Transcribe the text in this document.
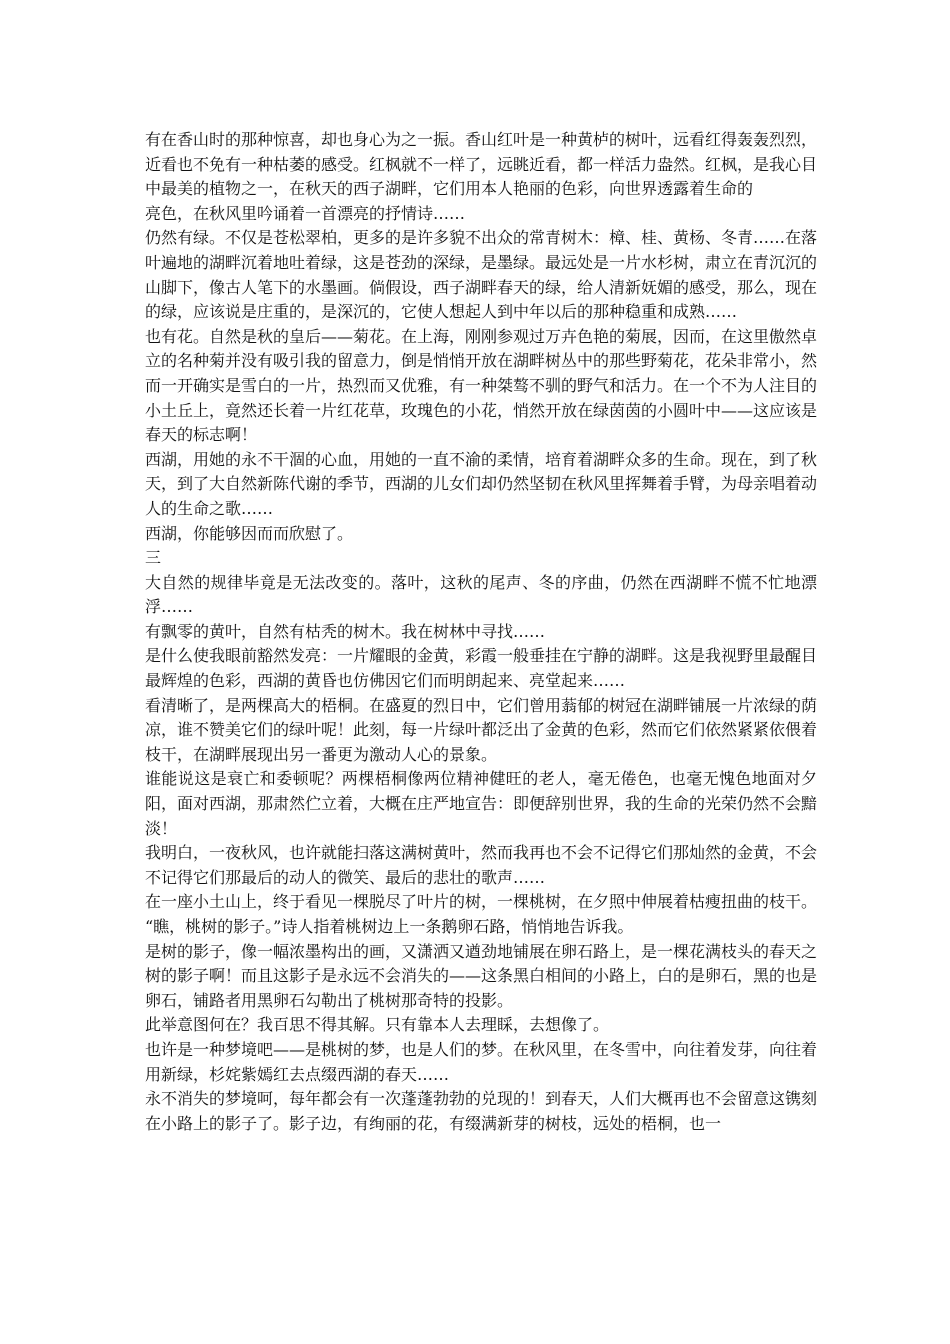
有在香山时的那种惊喜，却也身心为之一振。香山红叶是一种黄栌的树叶，远看红得轰轰烈烈，近看也不免有一种枯萎的感受。红枫就不一样了，远眺近看，都一样活力盎然。红枫，是我心目中最美的植物之一，在秋天的西子湖畔，它们用本人艳丽的色彩，向世界透露着生命的

亮色，在秋风里吟诵着一首漂亮的抒情诗……

仍然有绿。不仅是苍松翠柏，更多的是许多貌不出众的常青树木：樟、桂、黄杨、冬青……在落叶遍地的湖畔沉着地吐着绿，这是苍劲的深绿，是墨绿。最远处是一片水杉树，肃立在青沉沉的山脚下，像古人笔下的水墨画。倘假设，西子湖畔春天的绿，给人清新妩媚的感受，那么，现在的绿，应该说是庄重的，是深沉的，它使人想起人到中年以后的那种稳重和成熟……

也有花。自然是秋的皇后——菊花。在上海，刚刚参观过万卉色艳的菊展，因而，在这里傲然卓立的名种菊并没有吸引我的留意力，倒是悄悄开放在湖畔树丛中的那些野菊花，花朵非常小，然而一开确实是雪白的一片，热烈而又优雅，有一种桀骜不驯的野气和活力。在一个不为人注目的小土丘上，竟然还长着一片红花草，玫瑰色的小花，悄然开放在绿茵茵的小圆叶中——这应该是春天的标志啊！

西湖，用她的永不干涸的心血，用她的一直不渝的柔情，培育着湖畔众多的生命。现在，到了秋天，到了大自然新陈代谢的季节，西湖的儿女们却仍然坚韧在秋风里挥舞着手臂，为母亲唱着动人的生命之歌……

西湖，你能够因而而欣慰了。

三

大自然的规律毕竟是无法改变的。落叶，这秋的尾声、冬的序曲，仍然在西湖畔不慌不忙地漂浮……

有飘零的黄叶，自然有枯秃的树木。我在树林中寻找……

是什么使我眼前豁然发亮：一片耀眼的金黄，彩霞一般垂挂在宁静的湖畔。这是我视野里最醒目最辉煌的色彩，西湖的黄昏也仿佛因它们而明朗起来、亮堂起来……

看清晰了，是两棵高大的梧桐。在盛夏的烈日中，它们曾用蓊郁的树冠在湖畔铺展一片浓绿的荫凉，谁不赞美它们的绿叶呢！此刻，每一片绿叶都泛出了金黄的色彩，然而它们依然紧紧依偎着枝干，在湖畔展现出另一番更为激动人心的景象。

谁能说这是衰亡和委顿呢？两棵梧桐像两位精神健旺的老人，毫无倦色，也毫无愧色地面对夕阳，面对西湖，那肃然伫立着，大概在庄严地宣告：即便辞别世界，我的生命的光荣仍然不会黯淡！

我明白，一夜秋风，也许就能扫落这满树黄叶，然而我再也不会不记得它们那灿然的金黄，不会不记得它们那最后的动人的微笑、最后的悲壮的歌声……

在一座小土山上，终于看见一棵脱尽了叶片的树，一棵桃树，在夕照中伸展着枯瘦扭曲的枝干。

“瞧，桃树的影子。”诗人指着桃树边上一条鹅卵石路，悄悄地告诉我。

是树的影子，像一幅浓墨构出的画，又潇洒又遒劲地铺展在卵石路上，是一棵花满枝头的春天之树的影子啊！而且这影子是永远不会消失的——这条黑白相间的小路上，白的是卵石，黑的也是卵石，铺路者用黑卵石勾勒出了桃树那奇特的投影。

此举意图何在？我百思不得其解。只有靠本人去理睬，去想像了。

也许是一种梦境吧——是桃树的梦，也是人们的梦。在秋风里，在冬雪中，向往着发芽，向往着用新绿，杉姹紫嫣红去点缀西湖的春天……

永不消失的梦境呵，每年都会有一次蓬蓬勃勃的兑现的！到春天，人们大概再也不会留意这镌刻在小路上的影子了。影子边，有绚丽的花，有缀满新芽的树枝，远处的梧桐，也一
